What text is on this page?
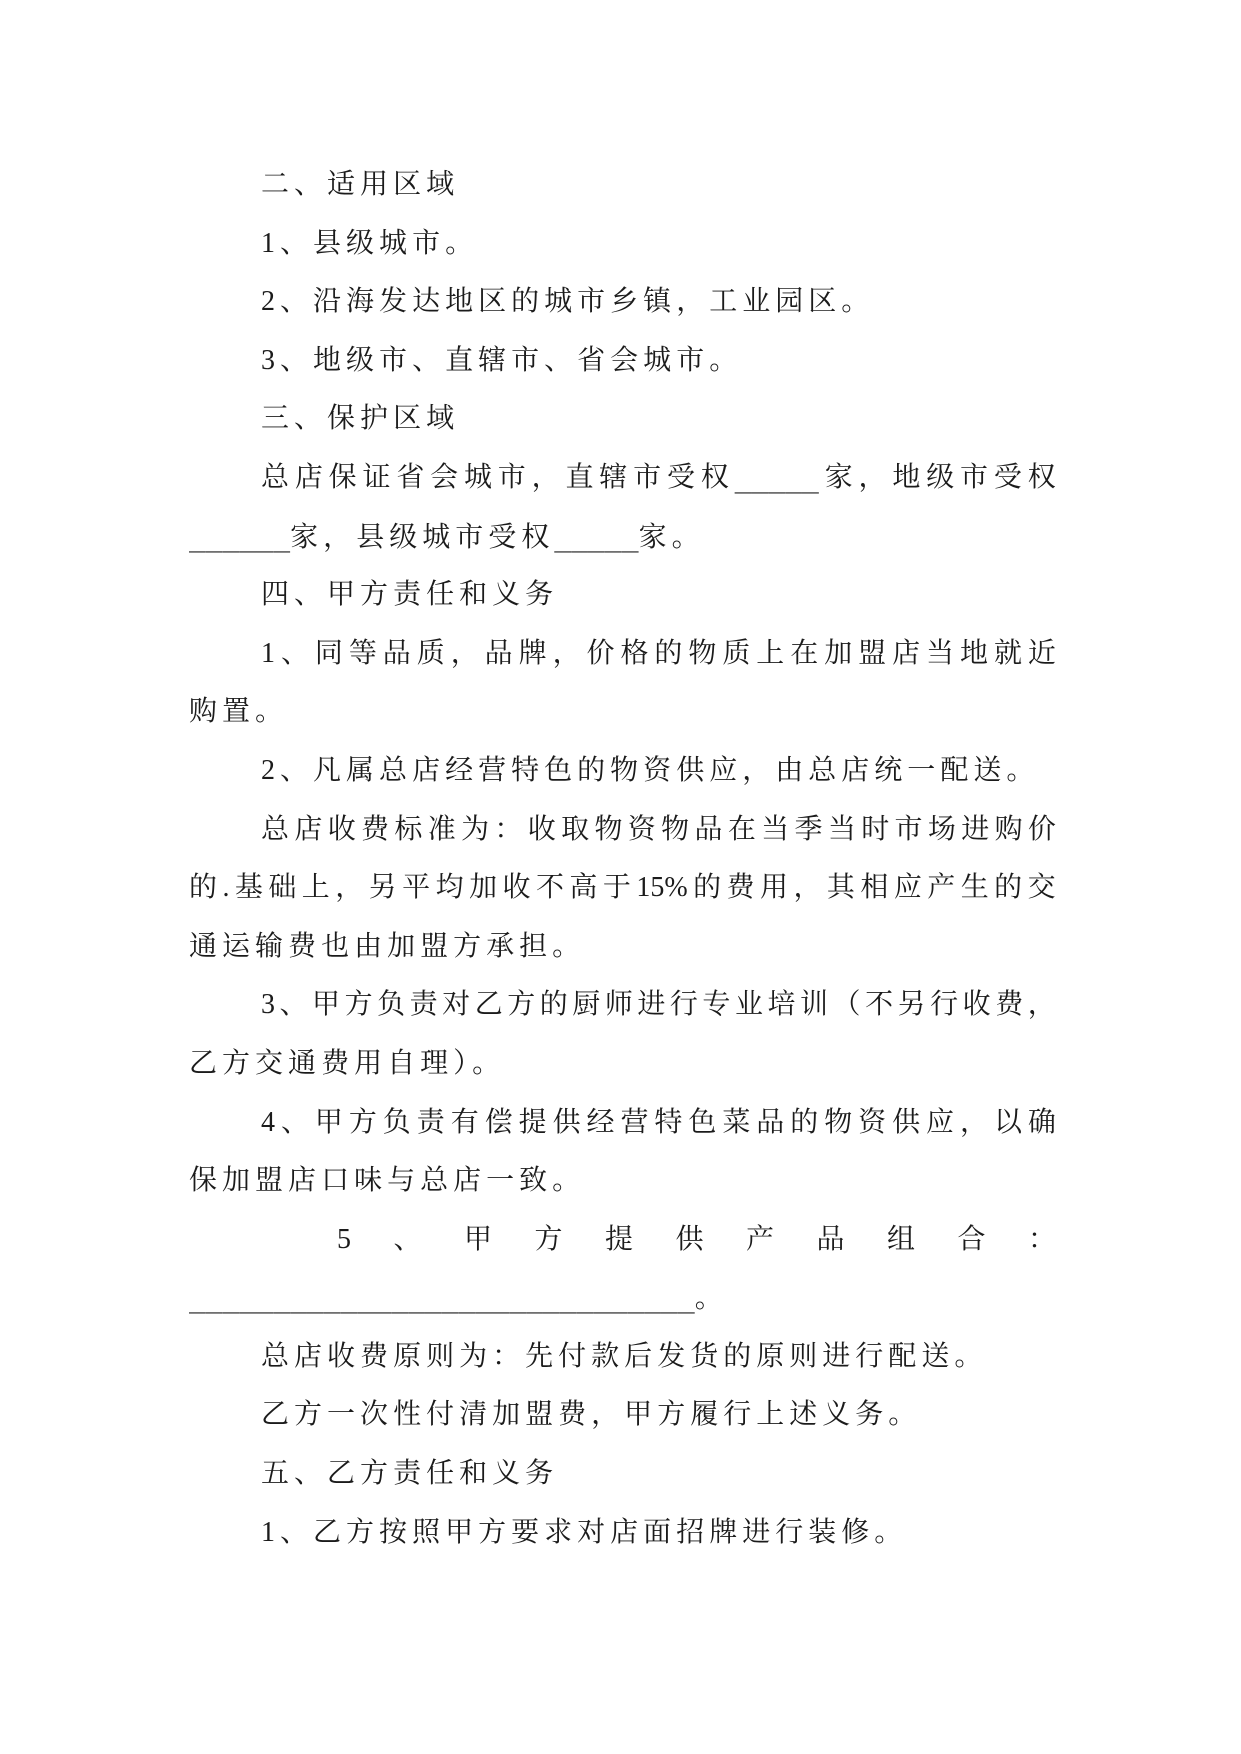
二、适用区域
1、县级城市。
2、沿海发达地区的城市乡镇，工业园区。
3、地级市、直辖市、省会城市。
三、保护区域
总 店 保 证 省 会 城 市 ， 直 辖 市 受 权 _____ 家 ， 地 级 市 受 权
______家，县级城市受权_____家。
四、甲方责任和义务
1 、 同 等 品 质 ， 品 牌 ， 价 格 的 物 质 上 在 加 盟 店 当 地 就 近
购置。
2、凡属总店经营特色的物资供应，由总店统一配送。
总 店 收 费 标 准 为 ： 收 取 物 资 物 品 在 当 季 当 时 市 场 进 购 价
的 . 基 础 上 ， 另 平 均 加 收 不 高 于 15% 的 费 用 ， 其 相 应 产 生 的 交
通运输费也由加盟方承担。
3 、 甲 方 负 责 对 乙 方 的 厨 师 进 行 专 业 培 训 （ 不 另 行 收 费 ，
乙方交通费用自理）。
4 、 甲 方 负 责 有 偿 提 供 经 营 特 色 菜 品 的 物 资 供 应 ， 以 确
保加盟店口味与总店一致。
5 、 甲 方 提 供 产 品 组 合 ：
______________________________。
总店收费原则为：先付款后发货的原则进行配送。
乙方一次性付清加盟费，甲方履行上述义务。
五、乙方责任和义务
1、乙方按照甲方要求对店面招牌进行装修。
